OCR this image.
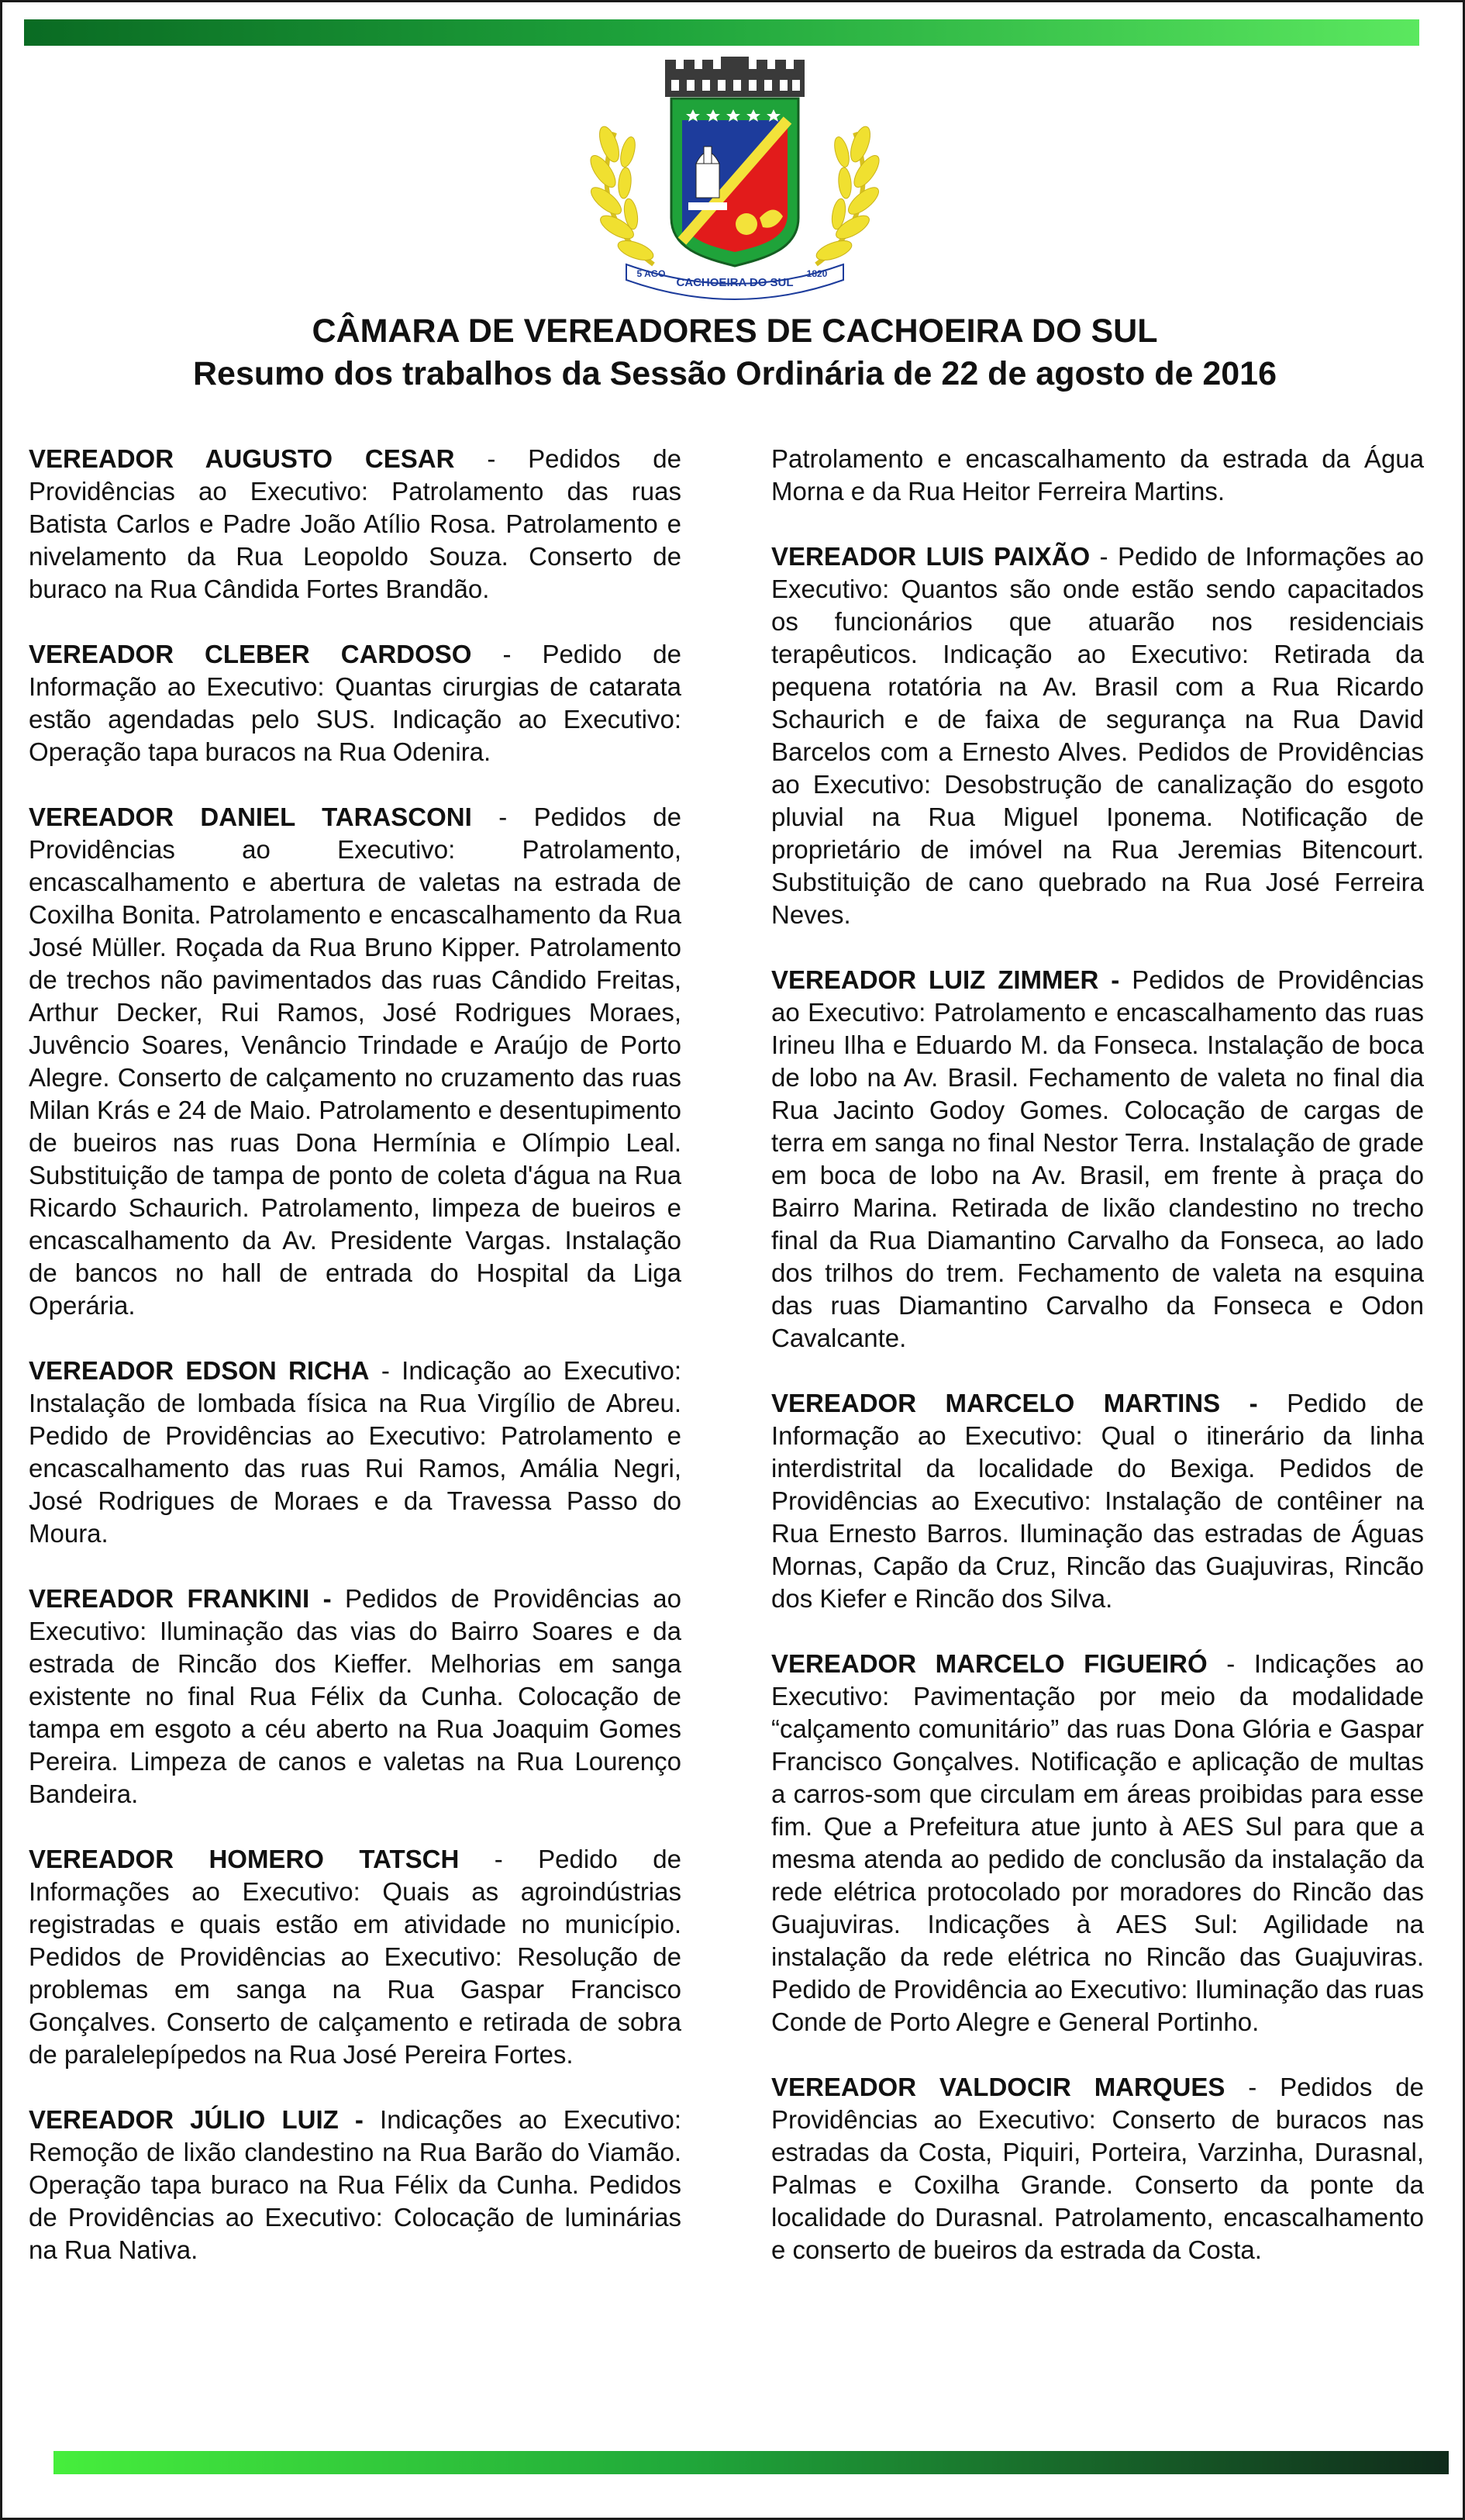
CACHOEIRA DO SUL
5 AGO	1820
CÂMARA DE VEREADORES DE CACHOEIRA DO SUL
Resumo dos trabalhos da Sessão Ordinária de 22 de agosto de 2016

VEREADOR AUGUSTO CESAR - Pedidos de Providências ao Executivo: Patrolamento das ruas Batista Carlos e Padre João Atílio Rosa. Patrolamento e nivelamento da Rua Leopoldo Souza. Conserto de buraco na Rua Cândida Fortes Brandão.

VEREADOR CLEBER CARDOSO - Pedido de Informação ao Executivo: Quantas cirurgias de catarata estão agendadas pelo SUS. Indicação ao Executivo: Operação tapa buracos na Rua Odenira.

VEREADOR DANIEL TARASCONI - Pedidos de Providências ao Executivo: Patrolamento, encascalhamento e abertura de valetas na estrada de Coxilha Bonita. Patrolamento e encascalhamento da Rua José Müller. Roçada da Rua Bruno Kipper. Patrolamento de trechos não pavimentados das ruas Cândido Freitas, Arthur Decker, Rui Ramos, José Rodrigues Moraes, Juvêncio Soares, Venâncio Trindade e Araújo de Porto Alegre. Conserto de calçamento no cruzamento das ruas Milan Krás e 24 de Maio. Patrolamento e desentupimento de bueiros nas ruas Dona Hermínia e Olímpio Leal. Substituição de tampa de ponto de coleta d'água na Rua Ricardo Schaurich. Patrolamento, limpeza de bueiros e encascalhamento da Av. Presidente Vargas. Instalação de bancos no hall de entrada do Hospital da Liga Operária.

VEREADOR EDSON RICHA - Indicação ao Executivo: Instalação de lombada física na Rua Virgílio de Abreu. Pedido de Providências ao Executivo: Patrolamento e encascalhamento das ruas Rui Ramos, Amália Negri, José Rodrigues de Moraes e da Travessa Passo do Moura.

VEREADOR FRANKINI - Pedidos de Providências ao Executivo: Iluminação das vias do Bairro Soares e da estrada de Rincão dos Kieffer. Melhorias em sanga existente no final Rua Félix da Cunha. Colocação de tampa em esgoto a céu aberto na Rua Joaquim Gomes Pereira. Limpeza de canos e valetas na Rua Lourenço Bandeira.

VEREADOR HOMERO TATSCH - Pedido de Informações ao Executivo: Quais as agroindústrias registradas e quais estão em atividade no município. Pedidos de Providências ao Executivo: Resolução de problemas em sanga na Rua Gaspar Francisco Gonçalves. Conserto de calçamento e retirada de sobra de paralelepípedos na Rua José Pereira Fortes.

VEREADOR JÚLIO LUIZ - Indicações ao Executivo: Remoção de lixão clandestino na Rua Barão do Viamão. Operação tapa buraco na Rua Félix da Cunha. Pedidos de Providências ao Executivo: Colocação de luminárias na Rua Nativa.

Patrolamento e encascalhamento da estrada da Água Morna e da Rua Heitor Ferreira Martins.

VEREADOR LUIS PAIXÃO - Pedido de Informações ao Executivo: Quantos são onde estão sendo capacitados os funcionários que atuarão nos residenciais terapêuticos. Indicação ao Executivo: Retirada da pequena rotatória na Av. Brasil com a Rua Ricardo Schaurich e de faixa de segurança na Rua David Barcelos com a Ernesto Alves. Pedidos de Providências ao Executivo: Desobstrução de canalização do esgoto pluvial na Rua Miguel Iponema. Notificação de proprietário de imóvel na Rua Jeremias Bitencourt. Substituição de cano quebrado na Rua José Ferreira Neves.

VEREADOR LUIZ ZIMMER - Pedidos de Providências ao Executivo: Patrolamento e encascalhamento das ruas Irineu Ilha e Eduardo M. da Fonseca. Instalação de boca de lobo na Av. Brasil. Fechamento de valeta no final dia Rua Jacinto Godoy Gomes. Colocação de cargas de terra em sanga no final Nestor Terra. Instalação de grade em boca de lobo na Av. Brasil, em frente à praça do Bairro Marina. Retirada de lixão clandestino no trecho final da Rua Diamantino Carvalho da Fonseca, ao lado dos trilhos do trem. Fechamento de valeta na esquina das ruas Diamantino Carvalho da Fonseca e Odon Cavalcante.

VEREADOR MARCELO MARTINS - Pedido de Informação ao Executivo: Qual o itinerário da linha interdistrital da localidade do Bexiga. Pedidos de Providências ao Executivo: Instalação de contêiner na Rua Ernesto Barros. Iluminação das estradas de Águas Mornas, Capão da Cruz, Rincão das Guajuviras, Rincão dos Kiefer e Rincão dos Silva.

VEREADOR MARCELO FIGUEIRÓ - Indicações ao Executivo: Pavimentação por meio da modalidade “calçamento comunitário” das ruas Dona Glória e Gaspar Francisco Gonçalves. Notificação e aplicação de multas a carros-som que circulam em áreas proibidas para esse fim. Que a Prefeitura atue junto à AES Sul para que a mesma atenda ao pedido de conclusão da instalação da rede elétrica protocolado por moradores do Rincão das Guajuviras. Indicações à AES Sul: Agilidade na instalação da rede elétrica no Rincão das Guajuviras. Pedido de Providência ao Executivo: Iluminação das ruas Conde de Porto Alegre e General Portinho.

VEREADOR VALDOCIR MARQUES - Pedidos de Providências ao Executivo: Conserto de buracos nas estradas da Costa, Piquiri, Porteira, Varzinha, Durasnal, Palmas e Coxilha Grande. Conserto da ponte da localidade do Durasnal. Patrolamento, encascalhamento e conserto de bueiros da estrada da Costa.
